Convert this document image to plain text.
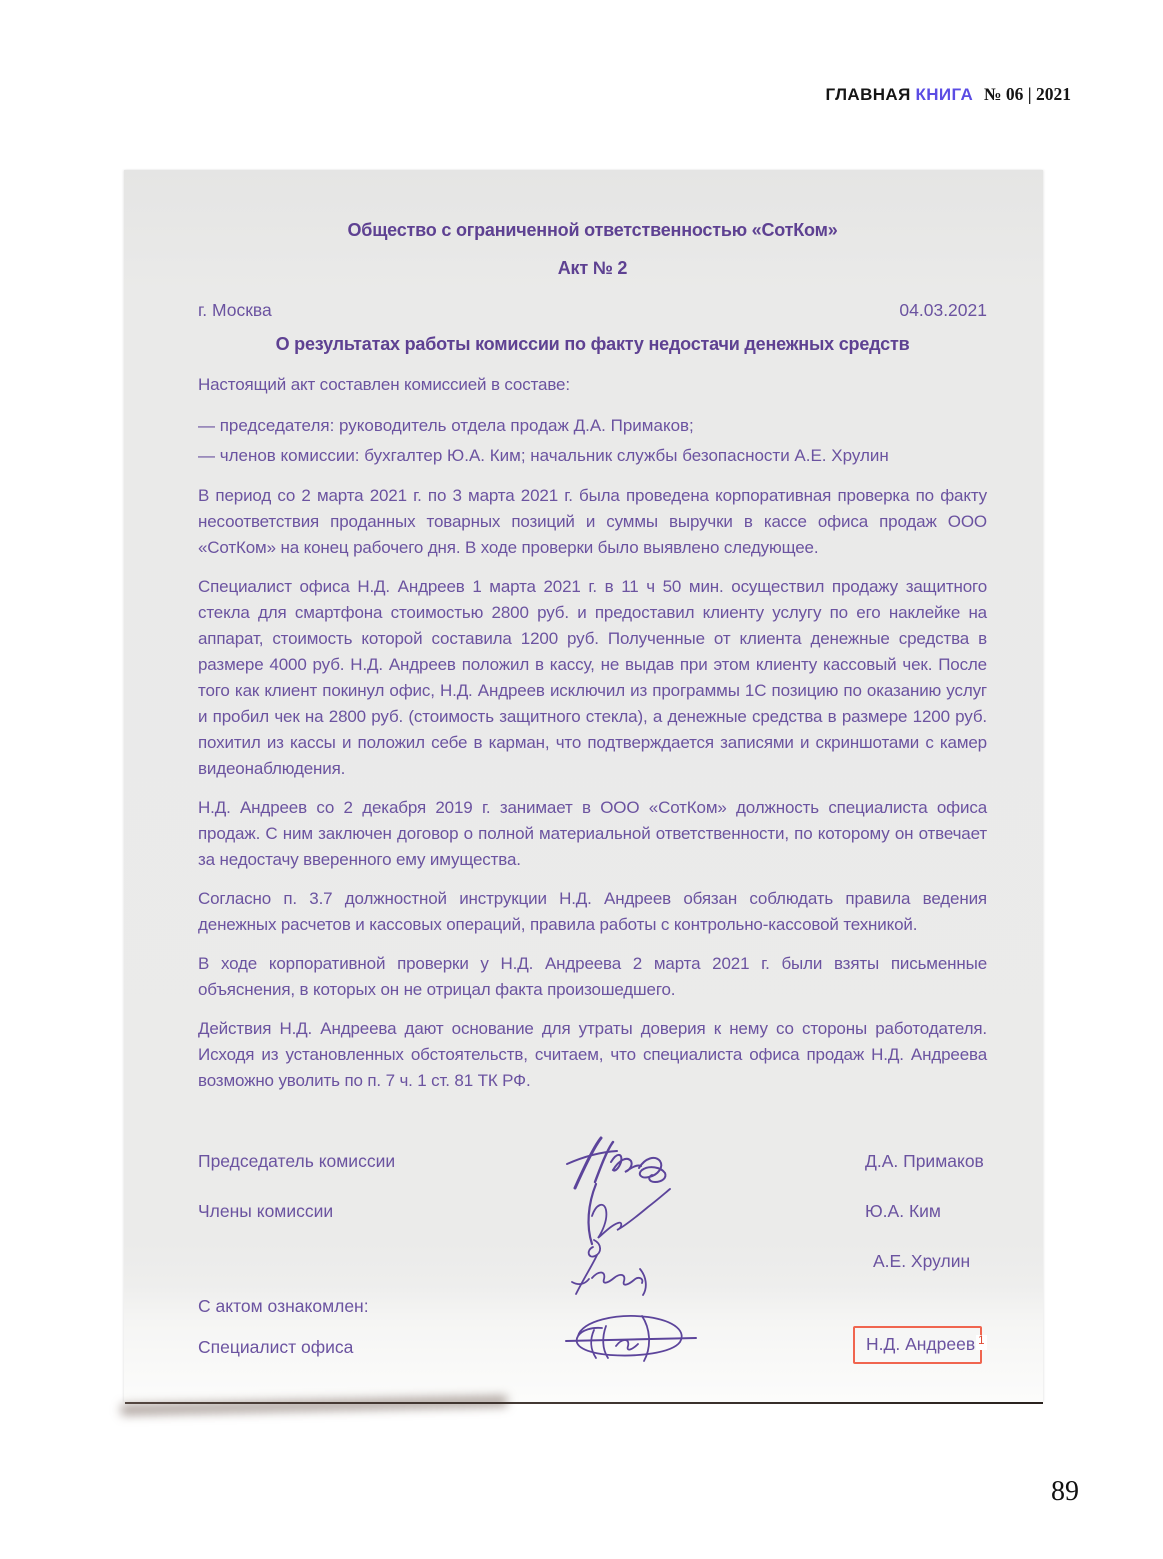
ГЛАВНАЯ КНИГА № 06 | 2021

Общество с ограниченной ответственностью «СотКом»

Акт № 2

г. Москва	04.03.2021

О результатах работы комиссии по факту недостачи денежных средств

Настоящий акт составлен комиссией в составе:

— председателя: руководитель отдела продаж Д.А. Примаков;
— членов комиссии: бухгалтер Ю.А. Ким; начальник службы безопасности А.Е. Хрулин

В период со 2 марта 2021 г. по 3 марта 2021 г. была проведена корпоративная проверка по факту несоответствия проданных товарных позиций и суммы выручки в кассе офиса продаж ООО «СотКом» на конец рабочего дня. В ходе проверки было выявлено следующее.

Специалист офиса Н.Д. Андреев 1 марта 2021 г. в 11 ч 50 мин. осуществил продажу защитного стекла для смартфона стоимостью 2800 руб. и предоставил клиенту услугу по его наклейке на аппарат, стоимость которой составила 1200 руб. Полученные от клиента денежные средства в размере 4000 руб. Н.Д. Андреев положил в кассу, не выдав при этом клиенту кассовый чек. После того как клиент покинул офис, Н.Д. Андреев исключил из программы 1С позицию по оказанию услуг и пробил чек на 2800 руб. (стоимость защитного стекла), а денежные средства в размере 1200 руб. похитил из кассы и положил себе в карман, что подтверждается записями и скриншотами с камер видеонаблюдения.

Н.Д. Андреев со 2 декабря 2019 г. занимает в ООО «СотКом» должность специалиста офиса продаж. С ним заключен договор о полной материальной ответственности, по которому он отвечает за недостачу вверенного ему имущества.

Согласно п. 3.7 должностной инструкции Н.Д. Андреев обязан соблюдать правила ведения денежных расчетов и кассовых операций, правила работы с контрольно-кассовой техникой.

В ходе корпоративной проверки у Н.Д. Андреева 2 марта 2021 г. были взяты письменные объяснения, в которых он не отрицал факта произошедшего.

Действия Н.Д. Андреева дают основание для утраты доверия к нему со стороны работодателя. Исходя из установленных обстоятельств, считаем, что специалиста офиса продаж Н.Д. Андреева возможно уволить по п. 7 ч. 1 ст. 81 ТК РФ.

Председатель комиссии	Д.А. Примаков
Члены комиссии	Ю.А. Ким
А.Е. Хрулин
С актом ознакомлен:
Специалист офиса	Н.Д. Андреев $^1$
89
